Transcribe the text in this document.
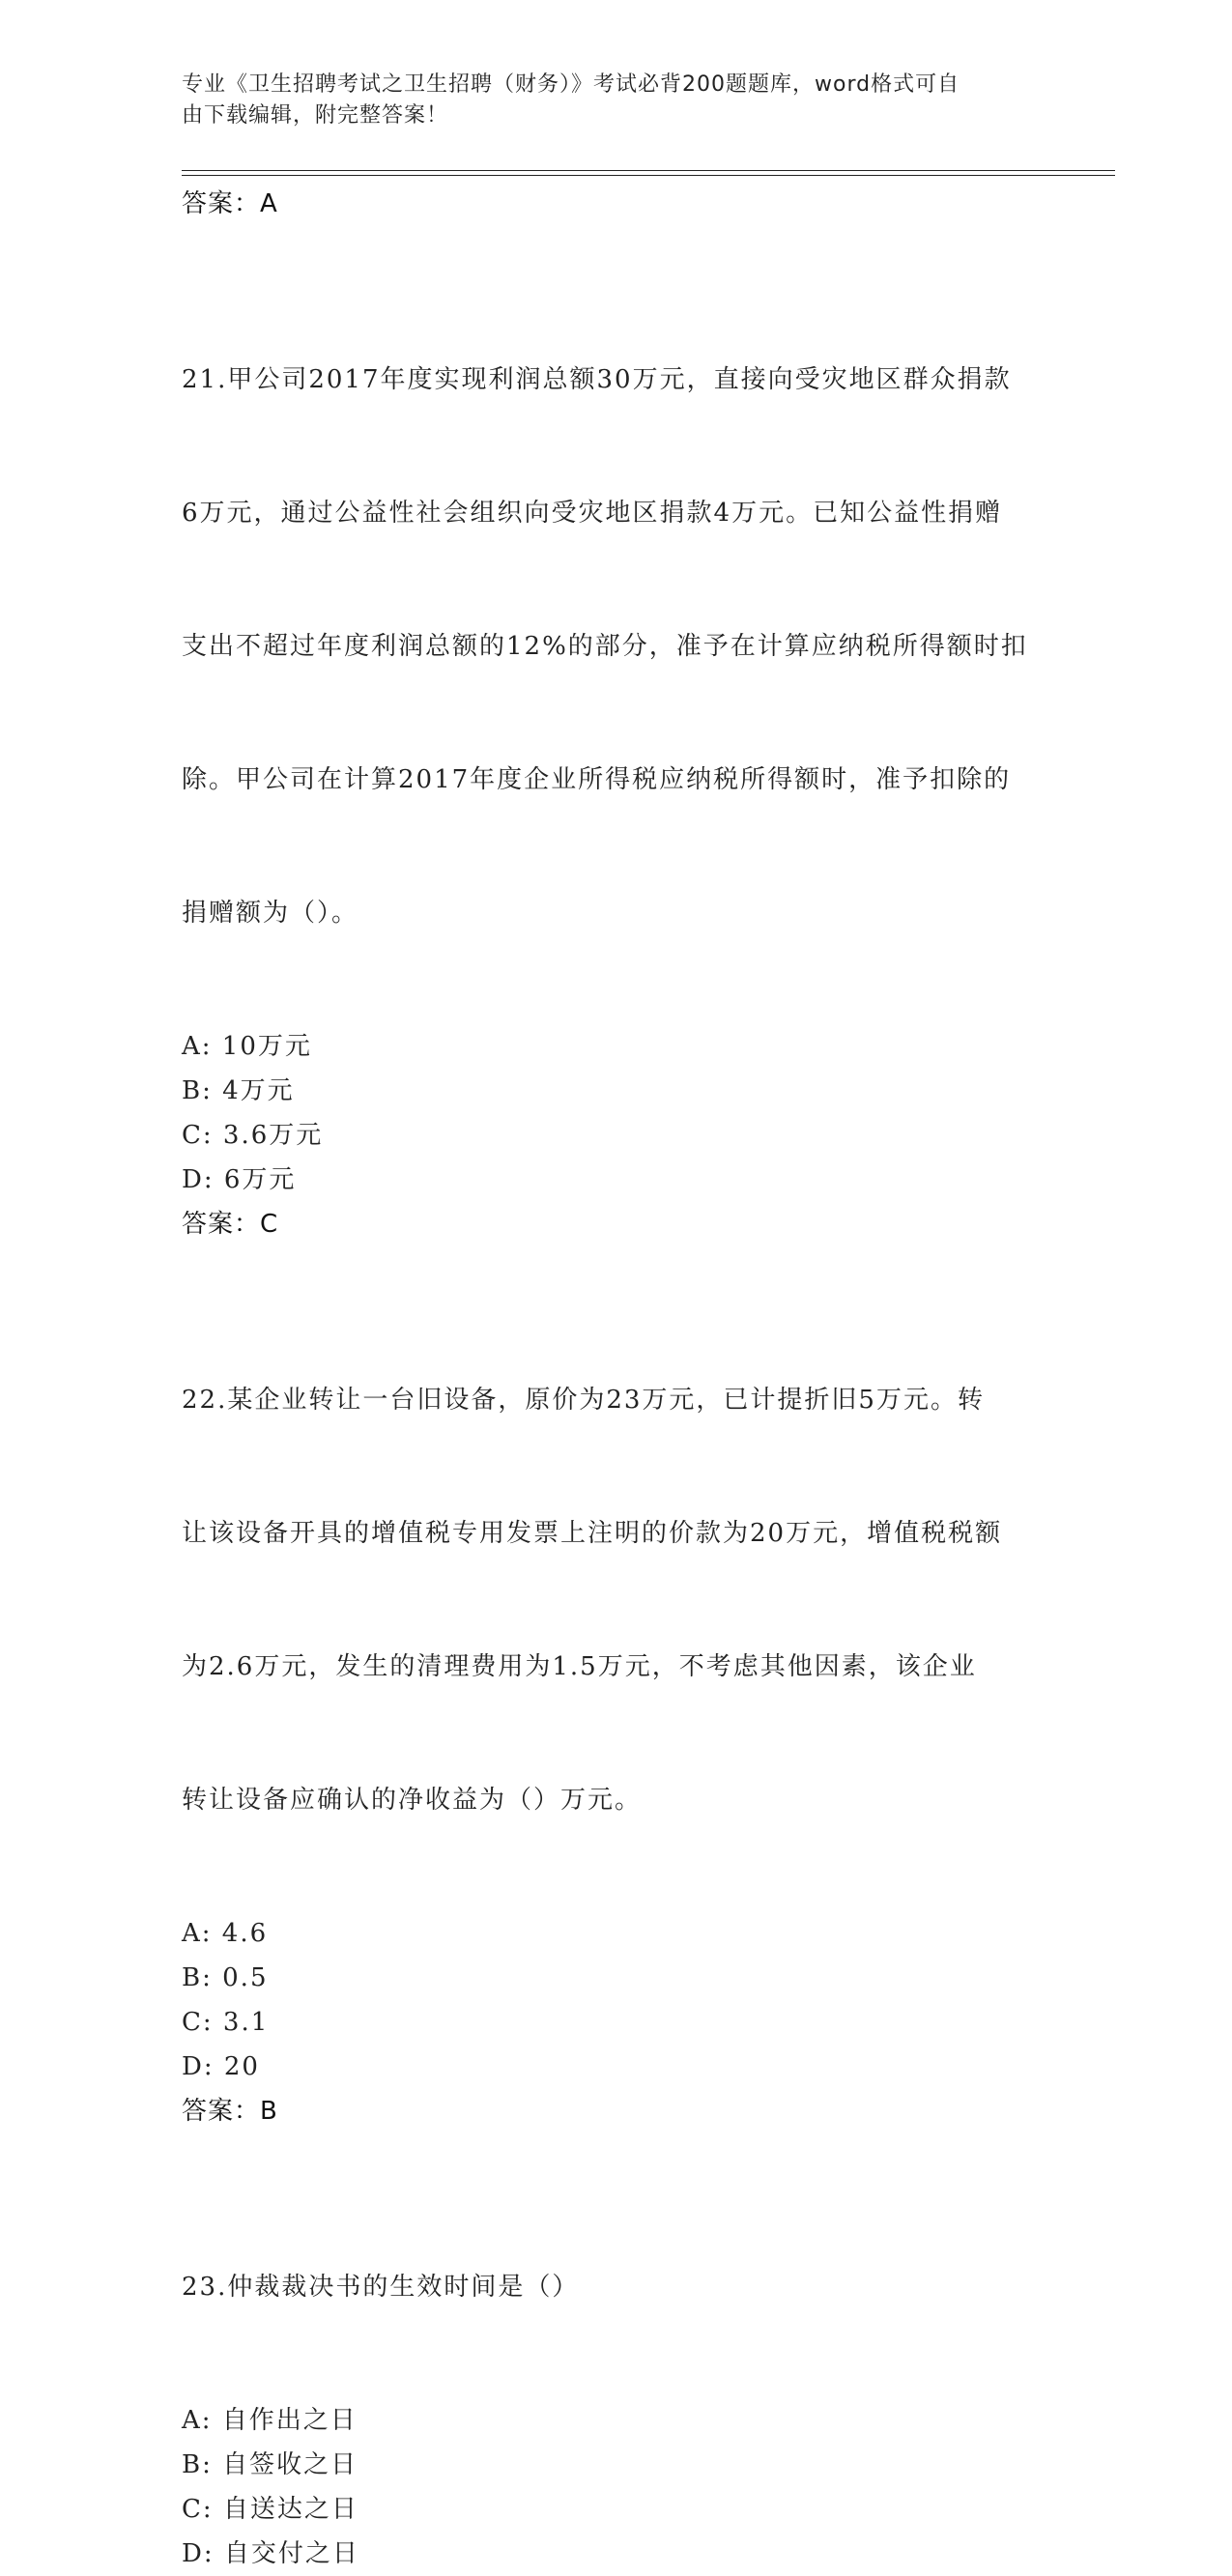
专业《卫生招聘考试之卫生招聘（财务）》考试必背200题题库，word格式可自
由下载编辑，附完整答案！
答案：A

21.甲公司2017年度实现利润总额30万元，直接向受灾地区群众捐款

6万元，通过公益性社会组织向受灾地区捐款4万元。已知公益性捐赠

支出不超过年度利润总额的12%的部分，准予在计算应纳税所得额时扣

除。甲公司在计算2017年度企业所得税应纳税所得额时，准予扣除的

捐赠额为（）。

A: 10万元
B: 4万元
C: 3.6万元
D: 6万元
答案：C

22.某企业转让一台旧设备，原价为23万元，已计提折旧5万元。转

让该设备开具的增值税专用发票上注明的价款为20万元，增值税税额

为2.6万元，发生的清理费用为1.5万元，不考虑其他因素，该企业

转让设备应确认的净收益为（）万元。

A: 4.6
B: 0.5
C: 3.1
D: 20
答案：B

23.仲裁裁决书的生效时间是（）

A: 自作出之日
B: 自签收之日
C: 自送达之日
D: 自交付之日
